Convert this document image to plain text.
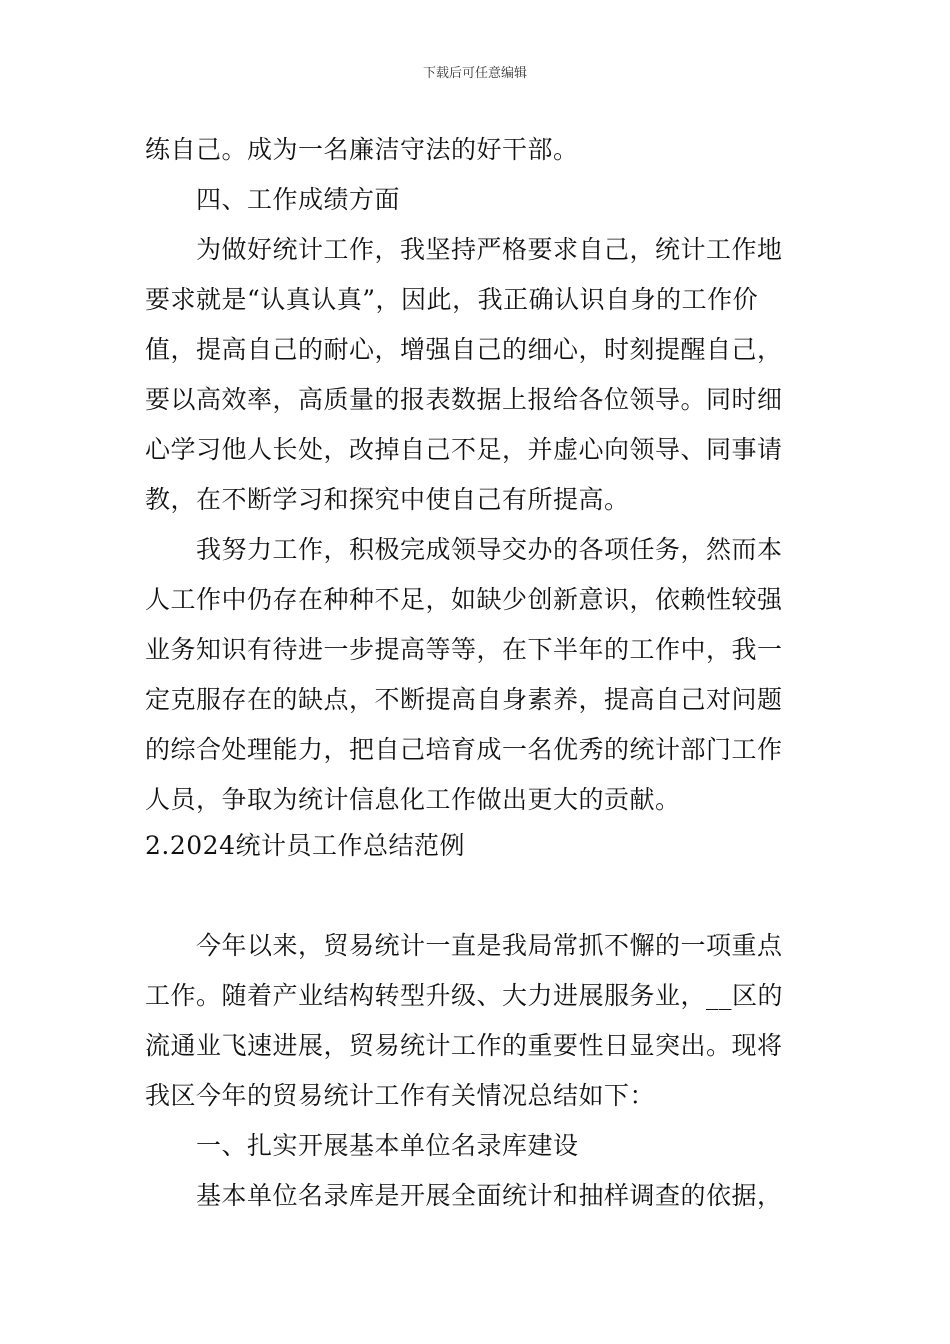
下载后可任意编辑
练自己。成为一名廉洁守法的好干部。
四、工作成绩方面
为做好统计工作，我坚持严格要求自己，统计工作地
要求就是“认真认真”，因此，我正确认识自身的工作价
值，提高自己的耐心，增强自己的细心，时刻提醒自己，
要以高效率，高质量的报表数据上报给各位领导。同时细
心学习他人长处，改掉自己不足，并虚心向领导、同事请
教，在不断学习和探究中使自己有所提高。
我努力工作，积极完成领导交办的各项任务，然而本
人工作中仍存在种种不足，如缺少创新意识，依赖性较强
业务知识有待进一步提高等等，在下半年的工作中，我一
定克服存在的缺点，不断提高自身素养，提高自己对问题
的综合处理能力，把自己培育成一名优秀的统计部门工作
人员，争取为统计信息化工作做出更大的贡献。
2.2024统计员工作总结范例
今年以来，贸易统计一直是我局常抓不懈的一项重点
工作。随着产业结构转型升级、大力进展服务业，__区的
流通业飞速进展，贸易统计工作的重要性日显突出。现将
我区今年的贸易统计工作有关情况总结如下：
一、扎实开展基本单位名录库建设
基本单位名录库是开展全面统计和抽样调查的依据，
